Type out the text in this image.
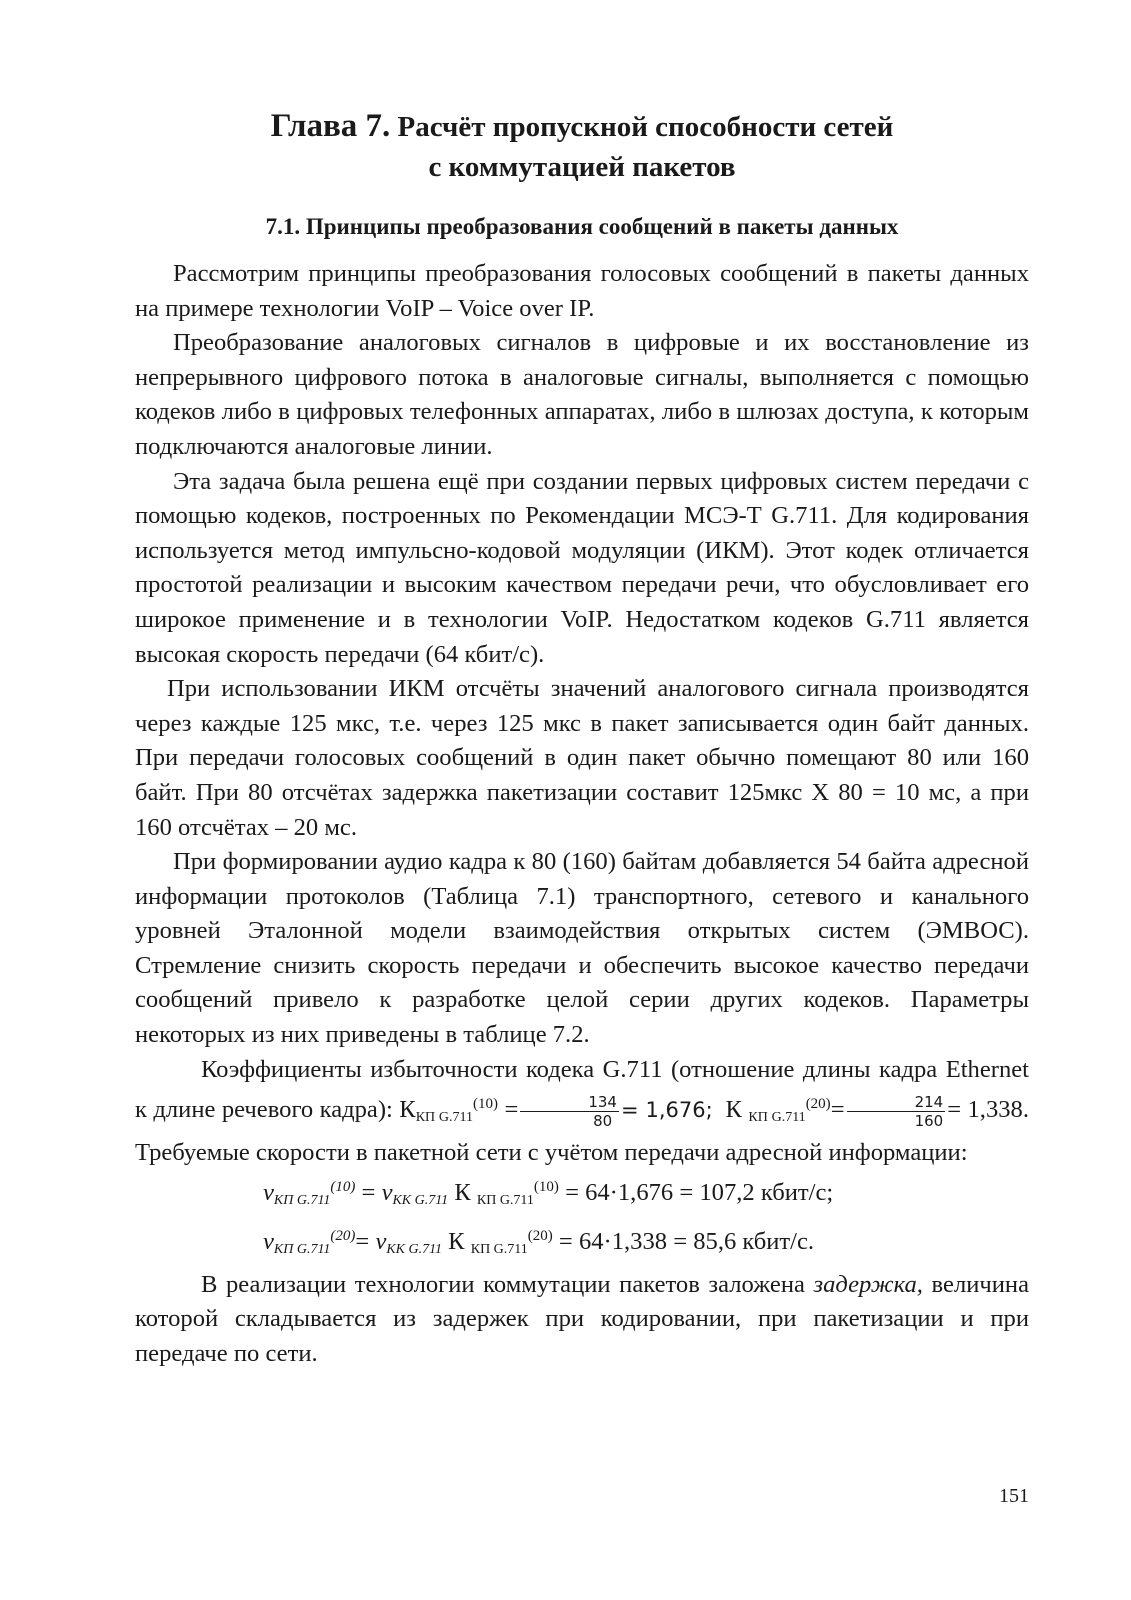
Глава 7. Расчёт пропускной способности сетей
с коммутацией пакетов
7.1. Принципы преобразования сообщений в пакеты данных

Рассмотрим принципы преобразования голосовых сообщений в пакеты данных на примере технологии VoIP – Voice over IP.

Преобразование аналоговых сигналов в цифровые и их восстановление из непрерывного цифрового потока в аналоговые сигналы, выполняется с помощью кодеков либо в цифровых телефонных аппаратах, либо в шлюзах доступа, к которым подключаются аналоговые линии.

Эта задача была решена ещё при создании первых цифровых систем передачи с помощью кодеков, построенных по Рекомендации МСЭ-Т G.711. Для кодирования используется метод импульсно-кодовой модуляции (ИКМ). Этот кодек отличается простотой реализации и высоким качеством передачи речи, что обусловливает его широкое применение и в технологии VoIP. Недостатком кодеков G.711 является высокая скорость передачи (64 кбит/с).

При использовании ИКМ отсчёты значений аналогового сигнала производятся через каждые 125 мкс, т.е. через 125 мкс в пакет записывается один байт данных. При передачи голосовых сообщений в один пакет обычно помещают 80 или 160 байт. При 80 отсчётах задержка пакетизации составит 125мкс Х 80 = 10 мс, а при 160 отсчётах – 20 мс.

При формировании аудио кадра к 80 (160) байтам добавляется 54 байта адресной информации протоколов (Таблица 7.1) транспортного, сетевого и канального уровней Эталонной модели взаимодействия открытых систем (ЭМВОС). Стремление снизить скорость передачи и обеспечить высокое качество передачи сообщений привело к разработке целой серии других кодеков. Параметры некоторых из них приведены в таблице 7.2.

Коэффициенты избыточности кодека G.711 (отношение длины кадра Ethernet к длине речевого кадра): $К_{КП G.711}^{(10)} = \frac{134}{80} = 1,676$; К $_{КП G.711}^{(20)}= \frac{214}{160} = 1,338$. Требуемые скорости в пакетной сети с учётом передачи адресной информации:

$v_{КП G.711}^{(10)} = v_{КК G.711}$ К $_{КП G.711}^{(10)}$ = 64·1,676 = 107,2 кбит/с;

$v_{КП G.711}^{(20)}= v_{КК G.711}$ К $_{КП G.711}^{(20)}$ = 64·1,338 = 85,6 кбит/с.

В реализации технологии коммутации пакетов заложена задержка, величина которой складывается из задержек при кодировании, при пакетизации и при передаче по сети.

151
